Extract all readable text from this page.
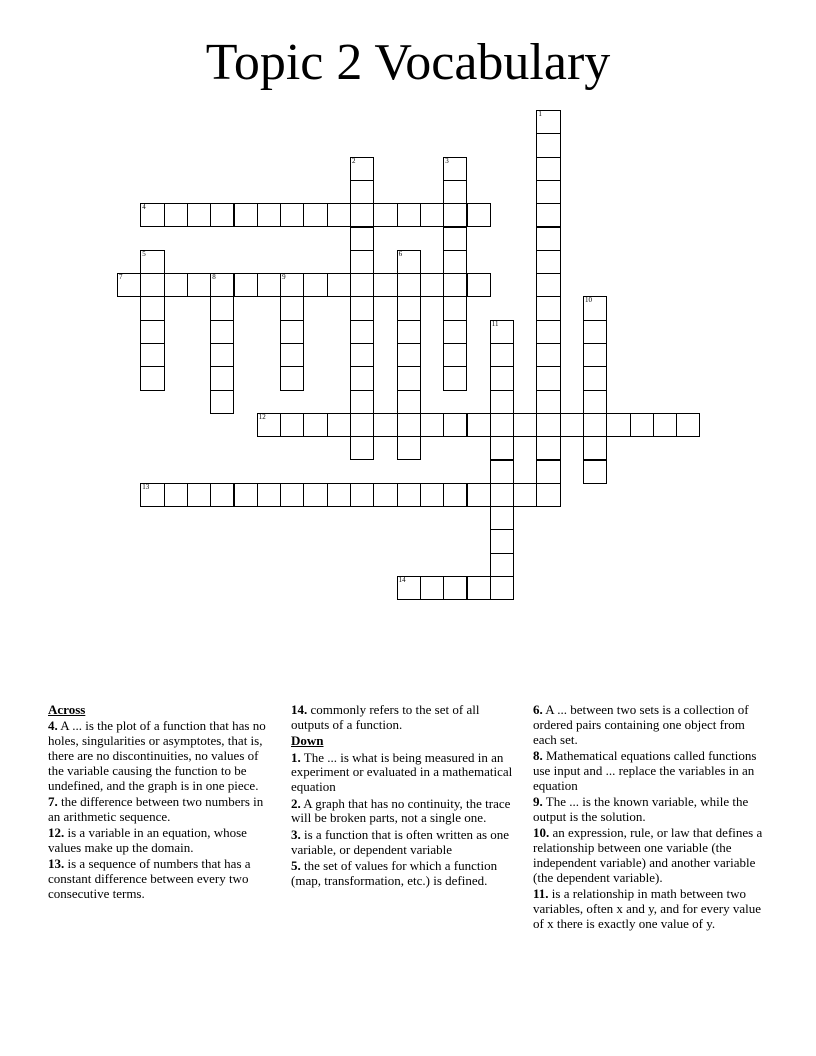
Topic 2 Vocabulary
1
2	3
4
5	6
7	8	9
10
11
12
13
14

Across

4. A ... is the plot of a function that has no holes, singularities or asymptotes, that is, there are no discontinuities, no values of the variable causing the function to be undefined, and the graph is in one piece.

7. the difference between two numbers in an arithmetic sequence.

12. is a variable in an equation, whose values make up the domain.

13. is a sequence of numbers that has a constant difference between every two consecutive terms.

14. commonly refers to the set of all outputs of a function.

Down

1. The ... is what is being measured in an experiment or evaluated in a mathematical equation

2. A graph that has no continuity, the trace will be broken parts, not a single one.

3. is a function that is often written as one variable, or dependent variable

5. the set of values for which a function (map, transformation, etc.) is defined.

6. A ... between two sets is a collection of ordered pairs containing one object from each set.

8. Mathematical equations called functions use input and ... replace the variables in an equation

9. The ... is the known variable, while the output is the solution.

10. an expression, rule, or law that defines a relationship between one variable (the independent variable) and another variable (the dependent variable).

11. is a relationship in math between two variables, often x and y, and for every value of x there is exactly one value of y.
